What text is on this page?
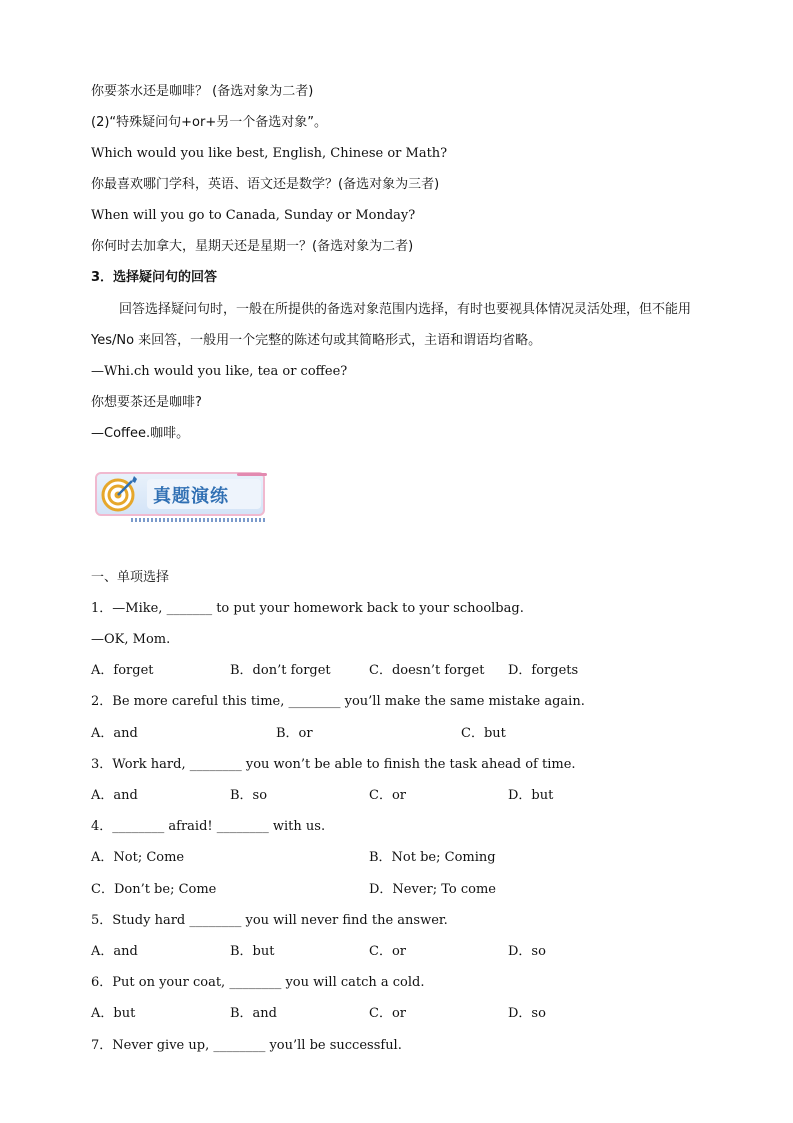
你要茶水还是咖啡？ (备选对象为二者)
(2)“特殊疑问句+or+另一个备选对象”。
Which would you like best, English, Chinese or Math?
你最喜欢哪门学科，英语、语文还是数学？(备选对象为三者)
When will you go to Canada, Sunday or Monday?
你何时去加拿大，星期天还是星期一？(备选对象为二者)
3．选择疑问句的回答
回答选择疑问句时，一般在所提供的备选对象范围内选择，有时也要视具体情况灵活处理，但不能用 Yes/No 来回答，一般用一个完整的陈述句或其简略形式，主语和谓语均省略。
—Whi.ch would you like, tea or coffee?
你想要茶还是咖啡?
—Coffee.咖啡。
真题演练
一、单项选择
1．—Mike, _______ to put your homework back to your schoolbag.
—OK, Mom.
A．forget	B．don’t forget	C．doesn’t forget D．forgets
2．Be more careful this time, ________ you’ll make the same mistake again.
A．and	B．or	C．but
3．Work hard, ________ you won’t be able to finish the task ahead of time.
A．and	B．so	C．or	D．but
4．________ afraid! ________ with us.
A．Not; Come	B．Not be; Coming
C．Don’t be; Come	D．Never; To come
5．Study hard ________ you will never find the answer.
A．and	B．but	C．or	D．so
6．Put on your coat, ________ you will catch a cold.
A．but	B．and	C．or	D．so
7．Never give up, ________ you’ll be successful.
